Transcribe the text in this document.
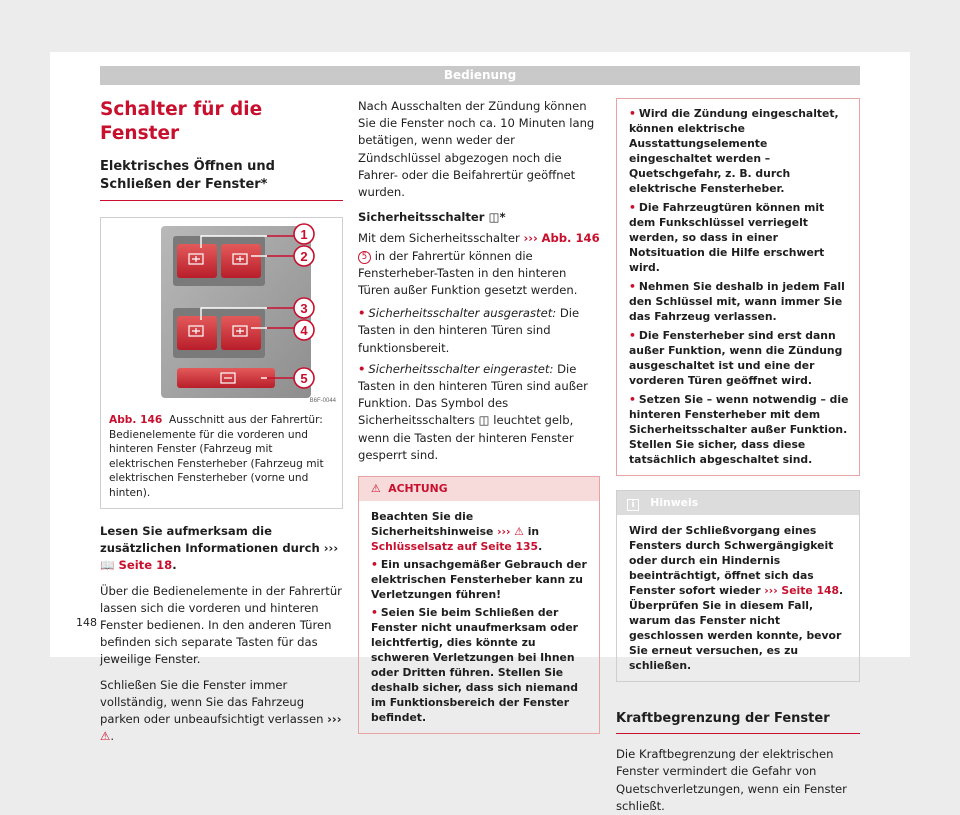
Bedienung
Schalter für die Fenster
Elektrisches Öffnen und Schließen der Fenster*
1
2
3
4
5
B6F-0044
Abb. 146 Ausschnitt aus der Fahrertür: Bedienelemente für die vorderen und hinteren Fenster (Fahrzeug mit elektrischen Fensterheber (Fahrzeug mit elektrischen Fensterheber (vorne und hinten).

Lesen Sie aufmerksam die zusätzlichen Informationen durch ››› 📖 Seite 18.

Über die Bedienelemente in der Fahrertür lassen sich die vorderen und hinteren Fenster bedienen. In den anderen Türen befinden sich separate Tasten für das jeweilige Fenster.

Schließen Sie die Fenster immer vollständig, wenn Sie das Fahrzeug parken oder unbeaufsichtigt verlassen ››› ⚠.

Nach Ausschalten der Zündung können Sie die Fenster noch ca. 10 Minuten lang betätigen, wenn weder der Zündschlüssel abgezogen noch die Fahrer- oder die Beifahrertür geöffnet wurden.

Sicherheitsschalter ◫*

Mit dem Sicherheitsschalter ››› Abb. 146 5 in der Fahrertür können die Fensterheber-Tasten in den hinteren Türen außer Funktion gesetzt werden.

• Sicherheitsschalter ausgerastet: Die Tasten in den hinteren Türen sind funktionsbereit.

• Sicherheitsschalter eingerastet: Die Tasten in den hinteren Türen sind außer Funktion. Das Symbol des Sicherheitsschalters ◫ leuchtet gelb, wenn die Tasten der hinteren Fenster gesperrt sind.

⚠ ACHTUNG

Beachten Sie die Sicherheitshinweise ››› ⚠ in Schlüsselsatz auf Seite 135.

• Ein unsachgemäßer Gebrauch der elektrischen Fensterheber kann zu Verletzungen führen!

• Seien Sie beim Schließen der Fenster nicht unaufmerksam oder leichtfertig, dies könnte zu schweren Verletzungen bei Ihnen oder Dritten führen. Stellen Sie deshalb sicher, dass sich niemand im Funktionsbereich der Fenster befindet.

• Wird die Zündung eingeschaltet, können elektrische Ausstattungselemente eingeschaltet werden – Quetschgefahr, z. B. durch elektrische Fensterheber.

• Die Fahrzeugtüren können mit dem Funkschlüssel verriegelt werden, so dass in einer Notsituation die Hilfe erschwert wird.

• Nehmen Sie deshalb in jedem Fall den Schlüssel mit, wann immer Sie das Fahrzeug verlassen.

• Die Fensterheber sind erst dann außer Funktion, wenn die Zündung ausgeschaltet ist und eine der vorderen Türen geöffnet wird.

• Setzen Sie – wenn notwendig – die hinteren Fensterheber mit dem Sicherheitsschalter außer Funktion. Stellen Sie sicher, dass diese tatsächlich abgeschaltet sind.

i Hinweis
Wird der Schließvorgang eines Fensters durch Schwergängigkeit oder durch ein Hindernis beeinträchtigt, öffnet sich das Fenster sofort wieder ››› Seite 148. Überprüfen Sie in diesem Fall, warum das Fenster nicht geschlossen werden konnte, bevor Sie erneut versuchen, es zu schließen.
Kraftbegrenzung der Fenster

Die Kraftbegrenzung der elektrischen Fenster vermindert die Gefahr von Quetschverletzungen, wenn ein Fenster schließt.

148
